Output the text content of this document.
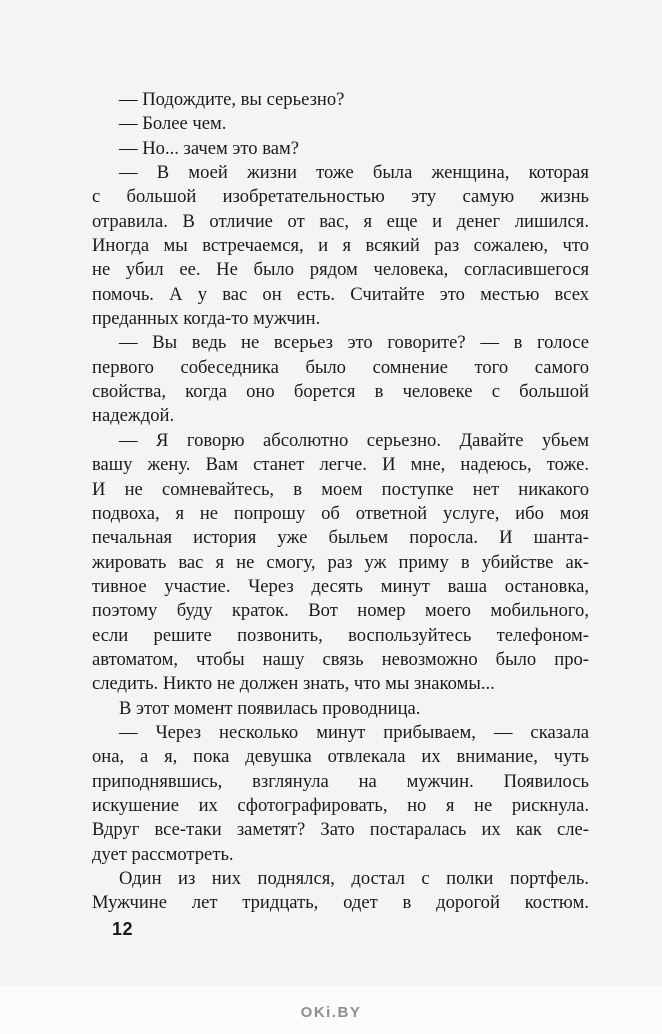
— Подождите, вы серьезно?
— Более чем.
— Но... зачем это вам?
— В моей жизни тоже была женщина, которая
с большой изобретательностью эту самую жизнь
отравила. В отличие от вас, я еще и денег лишился.
Иногда мы встречаемся, и я всякий раз сожалею, что
не убил ее. Не было рядом человека, согласившегося
помочь. А у вас он есть. Считайте это местью всех
преданных когда-то мужчин.
— Вы ведь не всерьез это говорите? — в голосе
первого собеседника было сомнение того самого
свойства, когда оно борется в человеке с большой
надеждой.
— Я говорю абсолютно серьезно. Давайте убьем
вашу жену. Вам станет легче. И мне, надеюсь, тоже.
И не сомневайтесь, в моем поступке нет никакого
подвоха, я не попрошу об ответной услуге, ибо моя
печальная история уже быльем поросла. И шанта-
жировать вас я не смогу, раз уж приму в убийстве ак-
тивное участие. Через десять минут ваша остановка,
поэтому буду краток. Вот номер моего мобильного,
если решите позвонить, воспользуйтесь телефоном-
автоматом, чтобы нашу связь невозможно было про-
следить. Никто не должен знать, что мы знакомы...
В этот момент появилась проводница.
— Через несколько минут прибываем, — сказала
она, а я, пока девушка отвлекала их внимание, чуть
приподнявшись, взглянула на мужчин. Появилось
искушение их сфотографировать, но я не рискнула.
Вдруг все-таки заметят? Зато постаралась их как сле-
дует рассмотреть.
Один из них поднялся, достал с полки портфель.
Мужчине лет тридцать, одет в дорогой костюм.
12
OKi.BY
